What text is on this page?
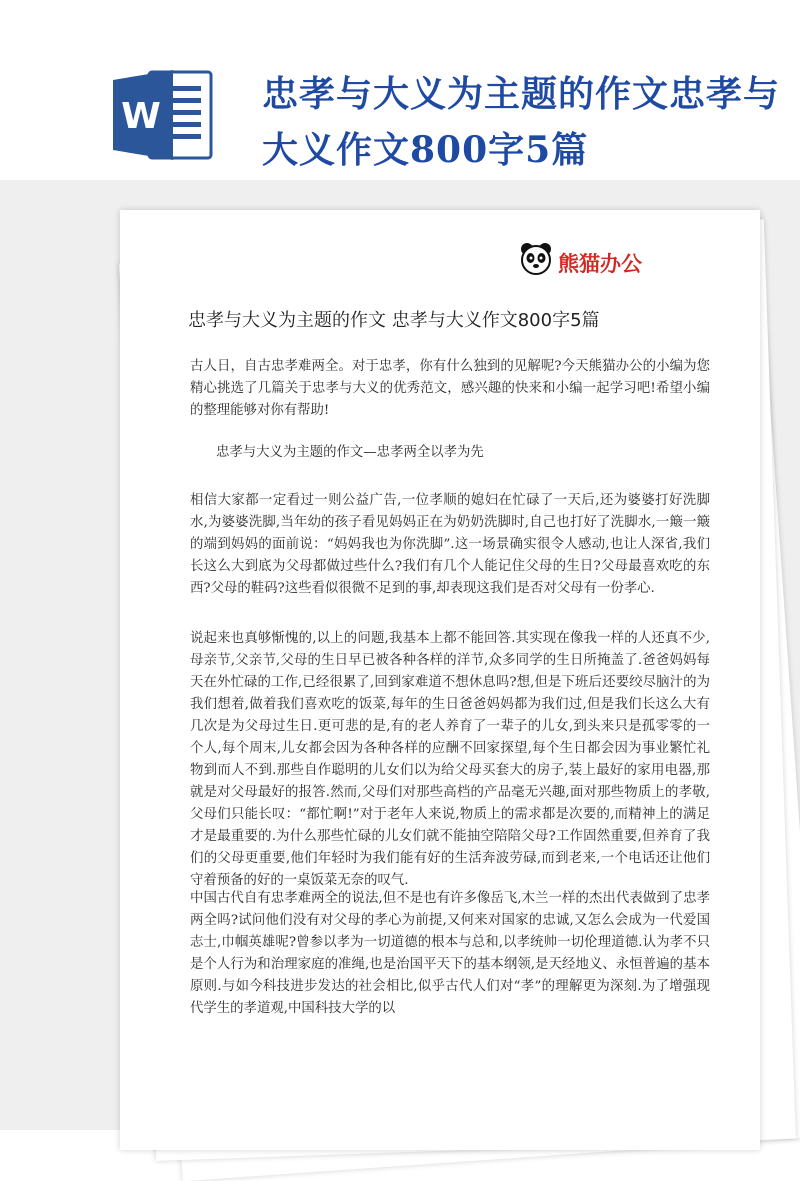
W
忠孝与大义为主题的作文忠孝与大义作文800字5篇
熊猫办公
忠孝与大义为主题的作文 忠孝与大义作文800字5篇
古人日，自古忠孝难两全。对于忠孝，你有什么独到的见解呢?今天熊猫办公的小编为您精心挑选了几篇关于忠孝与大义的优秀范文，感兴趣的快来和小编一起学习吧!希望小编的整理能够对你有帮助!
忠孝与大义为主题的作文—忠孝两全以孝为先
相信大家都一定看过一则公益广告,一位孝顺的媳妇在忙碌了一天后,还为婆婆打好洗脚水,为婆婆洗脚,当年幼的孩子看见妈妈正在为奶奶洗脚时,自己也打好了洗脚水,一簸一簸的端到妈妈的面前说：“妈妈我也为你洗脚”.这一场景确实很令人感动,也让人深省,我们长这么大到底为父母都做过些什么?我们有几个人能记住父母的生日?父母最喜欢吃的东西?父母的鞋码?这些看似很微不足到的事,却表现这我们是否对父母有一份孝心.
说起来也真够惭愧的,以上的问题,我基本上都不能回答.其实现在像我一样的人还真不少,母亲节,父亲节,父母的生日早已被各种各样的洋节,众多同学的生日所掩盖了.爸爸妈妈每天在外忙碌的工作,已经很累了,回到家难道不想休息吗?想,但是下班后还要绞尽脑汁的为我们想着,做着我们喜欢吃的饭菜,每年的生日爸爸妈妈都为我们过,但是我们长这么大有几次是为父母过生日.更可悲的是,有的老人养育了一辈子的儿女,到头来只是孤零零的一个人,每个周末,儿女都会因为各种各样的应酬不回家探望,每个生日都会因为事业繁忙礼物到而人不到.那些自作聪明的儿女们以为给父母买套大的房子,装上最好的家用电器,那就是对父母最好的报答.然而,父母们对那些高档的产品毫无兴趣,面对那些物质上的孝敬,父母们只能长叹：“都忙啊!”对于老年人来说,物质上的需求都是次要的,而精神上的满足才是最重要的.为什么那些忙碌的儿女们就不能抽空陪陪父母?工作固然重要,但养育了我们的父母更重要,他们年轻时为我们能有好的生活奔波劳碌,而到老来,一个电话还让他们守着预备的好的一桌饭菜无奈的叹气.
中国古代自有忠孝难两全的说法,但不是也有许多像岳飞,木兰一样的杰出代表做到了忠孝两全吗?试问他们没有对父母的孝心为前提,又何来对国家的忠诚,又怎么会成为一代爱国志士,巾帼英雄呢?曾参以孝为一切道德的根本与总和,以孝统帅一切伦理道德.认为孝不只是个人行为和治理家庭的准绳,也是治国平天下的基本纲领,是天经地义、永恒普遍的基本原则.与如今科技进步发达的社会相比,似乎古代人们对“孝”的理解更为深刻.为了增强现代学生的孝道观,中国科技大学的以
